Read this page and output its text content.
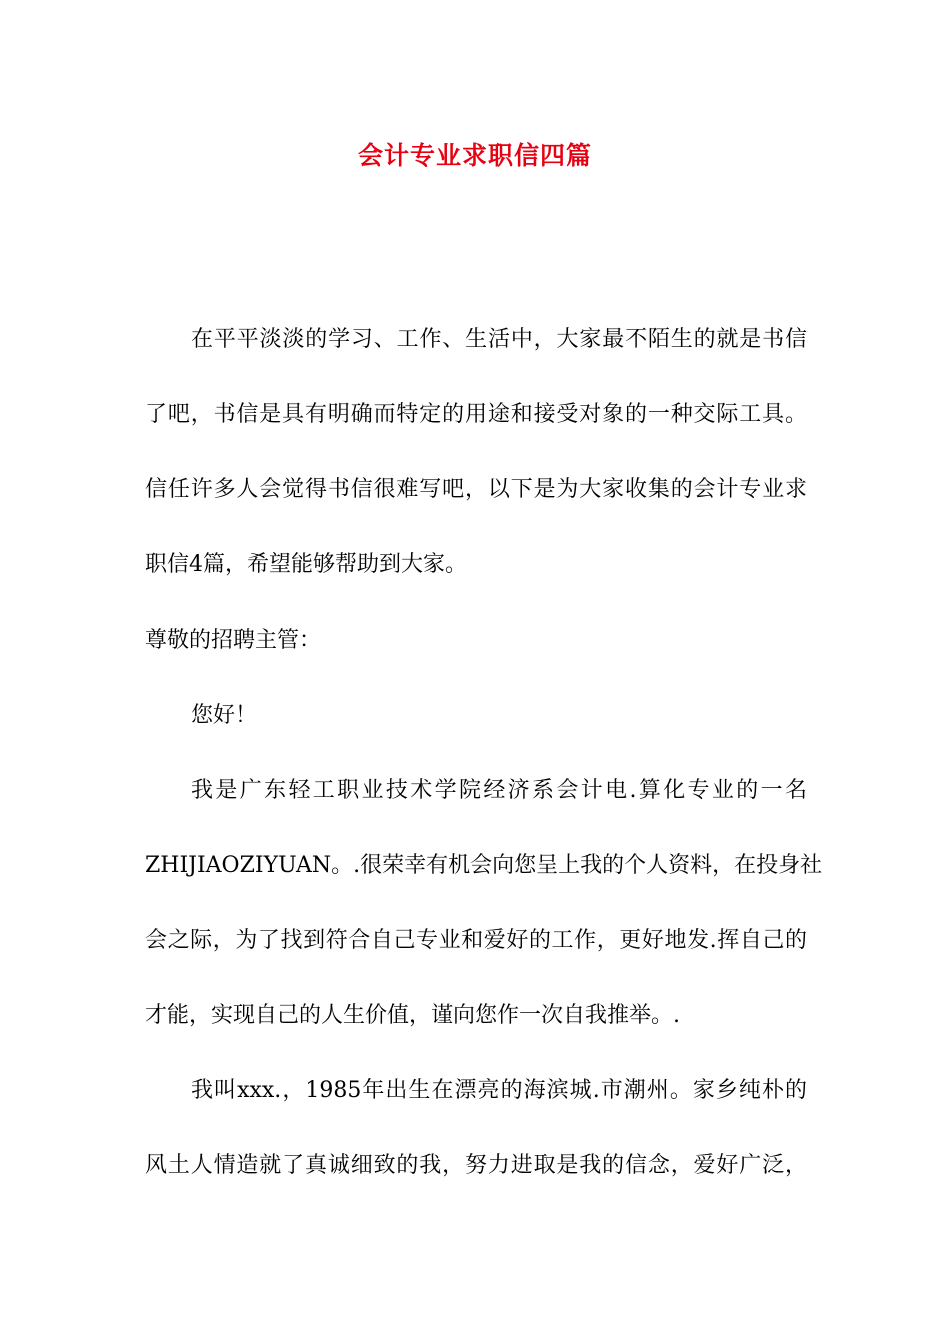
会计专业求职信四篇
在平平淡淡的学习、工作、生活中，大家最不陌生的就是书信
了吧，书信是具有明确而特定的用途和接受对象的一种交际工具。
信任许多人会觉得书信很难写吧，以下是为大家收集的会计专业求
职信4篇，希望能够帮助到大家。
尊敬的招聘主管：
您好！
我是广东轻工职业技术学院经济系会计电.算化专业的一名
ZHIJIAOZIYUAN。.很荣幸有机会向您呈上我的个人资料，在投身社
会之际，为了找到符合自己专业和爱好的工作，更好地发.挥自己的
才能，实现自己的人生价值，谨向您作一次自我推举。.
我叫xxx.，1985年出生在漂亮的海滨城.市潮州。家乡纯朴的
风土人情造就了真诚细致的我，努力进取是我的信念，爱好广泛，
